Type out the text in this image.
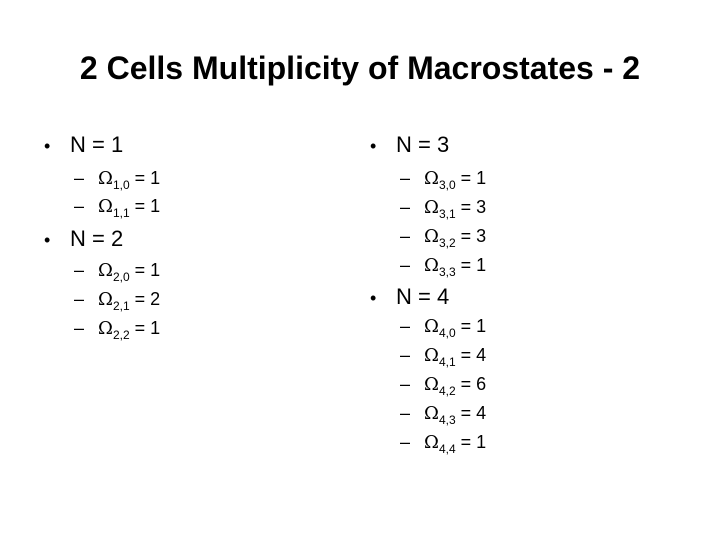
2 Cells Multiplicity of Macrostates - 2
• N = 1
– $\Omega_{1,0} = 1$
– $\Omega_{1,1} = 1$
• N = 2
– $\Omega_{2,0} = 1$
– $\Omega_{2,1} = 2$
– $\Omega_{2,2} = 1$
• N = 3
– $\Omega_{3,0} = 1$
– $\Omega_{3,1} = 3$
– $\Omega_{3,2} = 3$
– $\Omega_{3,3} = 1$
• N = 4
– $\Omega_{4,0} = 1$
– $\Omega_{4,1} = 4$
– $\Omega_{4,2} = 6$
– $\Omega_{4,3} = 4$
– $\Omega_{4,4} = 1$
